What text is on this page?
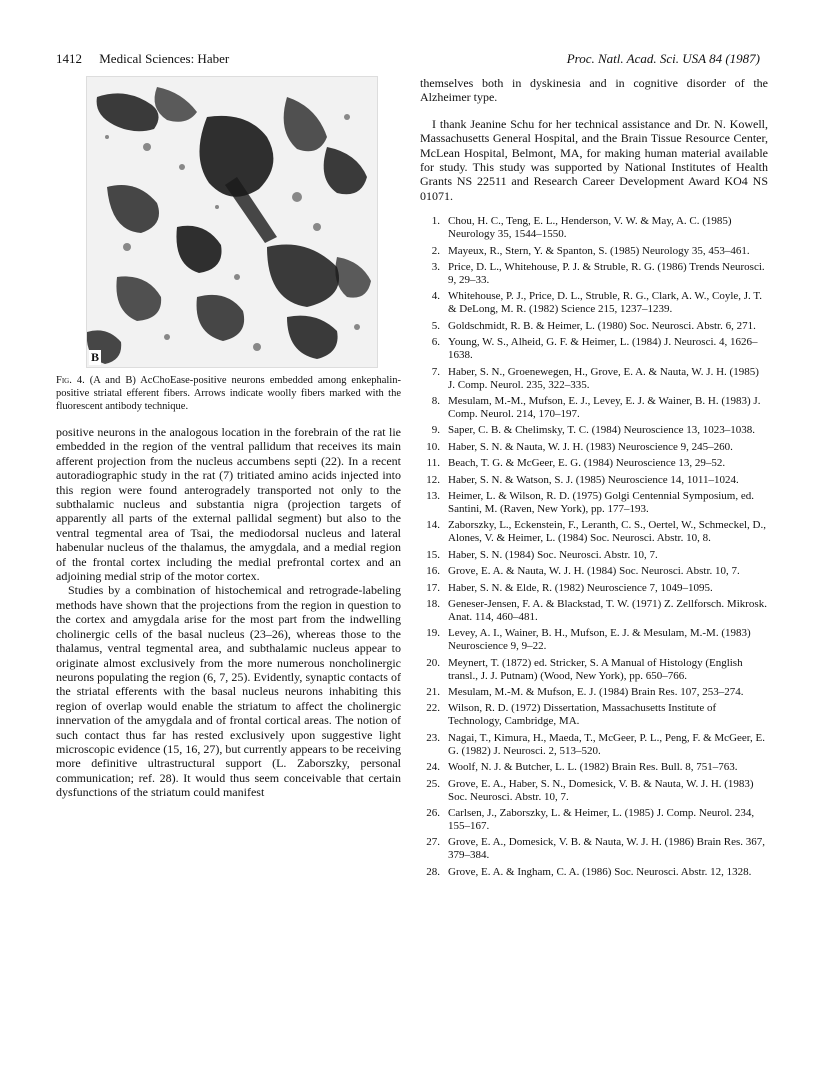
1412 Medical Sciences: Haber	Proc. Natl. Acad. Sci. USA 84 (1987)
B
Fig. 4. (A and B) AcChoEase-positive neurons embedded among enkephalin-positive striatal efferent fibers. Arrows indicate woolly fibers marked with the fluorescent antibody technique.

positive neurons in the analogous location in the forebrain of the rat lie embedded in the region of the ventral pallidum that receives its main afferent projection from the nucleus accumbens septi (22). In a recent autoradiographic study in the rat (7) tritiated amino acids injected into this region were found anterogradely transported not only to the subthalamic nucleus and substantia nigra (projection targets of apparently all parts of the external pallidal segment) but also to the ventral tegmental area of Tsai, the mediodorsal nucleus and lateral habenular nucleus of the thalamus, the amygdala, and a medial region of the frontal cortex including the medial prefrontal cortex and an adjoining medial strip of the motor cortex.

Studies by a combination of histochemical and retrograde-labeling methods have shown that the projections from the region in question to the cortex and amygdala arise for the most part from the indwelling cholinergic cells of the basal nucleus (23–26), whereas those to the thalamus, ventral tegmental area, and subthalamic nucleus appear to originate almost exclusively from the more numerous noncholinergic neurons populating the region (6, 7, 25). Evidently, synaptic contacts of the striatal efferents with the basal nucleus neurons inhabiting this region of overlap would enable the striatum to affect the cholinergic innervation of the amygdala and of frontal cortical areas. The notion of such contact thus far has rested exclusively upon suggestive light microscopic evidence (15, 16, 27), but currently appears to be receiving more definitive ultrastructural support (L. Zaborszky, personal communication; ref. 28). It would thus seem conceivable that certain dysfunctions of the striatum could manifest

themselves both in dyskinesia and in cognitive disorder of the Alzheimer type.

I thank Jeanine Schu for her technical assistance and Dr. N. Kowell, Massachusetts General Hospital, and the Brain Tissue Resource Center, McLean Hospital, Belmont, MA, for making human material available for study. This study was supported by National Institutes of Health Grants NS 22511 and Research Career Development Award KO4 NS 01071.

1. Chou, H. C., Teng, E. L., Henderson, V. W. & May, A. C. (1985) Neurology 35, 1544–1550.
2. Mayeux, R., Stern, Y. & Spanton, S. (1985) Neurology 35, 453–461.
3. Price, D. L., Whitehouse, P. J. & Struble, R. G. (1986) Trends Neurosci. 9, 29–33.
4. Whitehouse, P. J., Price, D. L., Struble, R. G., Clark, A. W., Coyle, J. T. & DeLong, M. R. (1982) Science 215, 1237–1239.
5. Goldschmidt, R. B. & Heimer, L. (1980) Soc. Neurosci. Abstr. 6, 271.
6. Young, W. S., Alheid, G. F. & Heimer, L. (1984) J. Neurosci. 4, 1626–1638.
7. Haber, S. N., Groenewegen, H., Grove, E. A. & Nauta, W. J. H. (1985) J. Comp. Neurol. 235, 322–335.
8. Mesulam, M.-M., Mufson, E. J., Levey, E. J. & Wainer, B. H. (1983) J. Comp. Neurol. 214, 170–197.
9. Saper, C. B. & Chelimsky, T. C. (1984) Neuroscience 13, 1023–1038.
10. Haber, S. N. & Nauta, W. J. H. (1983) Neuroscience 9, 245–260.
11. Beach, T. G. & McGeer, E. G. (1984) Neuroscience 13, 29–52.
12. Haber, S. N. & Watson, S. J. (1985) Neuroscience 14, 1011–1024.
13. Heimer, L. & Wilson, R. D. (1975) Golgi Centennial Symposium, ed. Santini, M. (Raven, New York), pp. 177–193.
14. Zaborszky, L., Eckenstein, F., Leranth, C. S., Oertel, W., Schmeckel, D., Alones, V. & Heimer, L. (1984) Soc. Neurosci. Abstr. 10, 8.
15. Haber, S. N. (1984) Soc. Neurosci. Abstr. 10, 7.
16. Grove, E. A. & Nauta, W. J. H. (1984) Soc. Neurosci. Abstr. 10, 7.
17. Haber, S. N. & Elde, R. (1982) Neuroscience 7, 1049–1095.
18. Geneser-Jensen, F. A. & Blackstad, T. W. (1971) Z. Zellforsch. Mikrosk. Anat. 114, 460–481.
19. Levey, A. I., Wainer, B. H., Mufson, E. J. & Mesulam, M.-M. (1983) Neuroscience 9, 9–22.
20. Meynert, T. (1872) ed. Stricker, S. A Manual of Histology (English transl., J. J. Putnam) (Wood, New York), pp. 650–766.
21. Mesulam, M.-M. & Mufson, E. J. (1984) Brain Res. 107, 253–274.
22. Wilson, R. D. (1972) Dissertation, Massachusetts Institute of Technology, Cambridge, MA.
23. Nagai, T., Kimura, H., Maeda, T., McGeer, P. L., Peng, F. & McGeer, E. G. (1982) J. Neurosci. 2, 513–520.
24. Woolf, N. J. & Butcher, L. L. (1982) Brain Res. Bull. 8, 751–763.
25. Grove, E. A., Haber, S. N., Domesick, V. B. & Nauta, W. J. H. (1983) Soc. Neurosci. Abstr. 10, 7.
26. Carlsen, J., Zaborszky, L. & Heimer, L. (1985) J. Comp. Neurol. 234, 155–167.
27. Grove, E. A., Domesick, V. B. & Nauta, W. J. H. (1986) Brain Res. 367, 379–384.
28. Grove, E. A. & Ingham, C. A. (1986) Soc. Neurosci. Abstr. 12, 1328.
